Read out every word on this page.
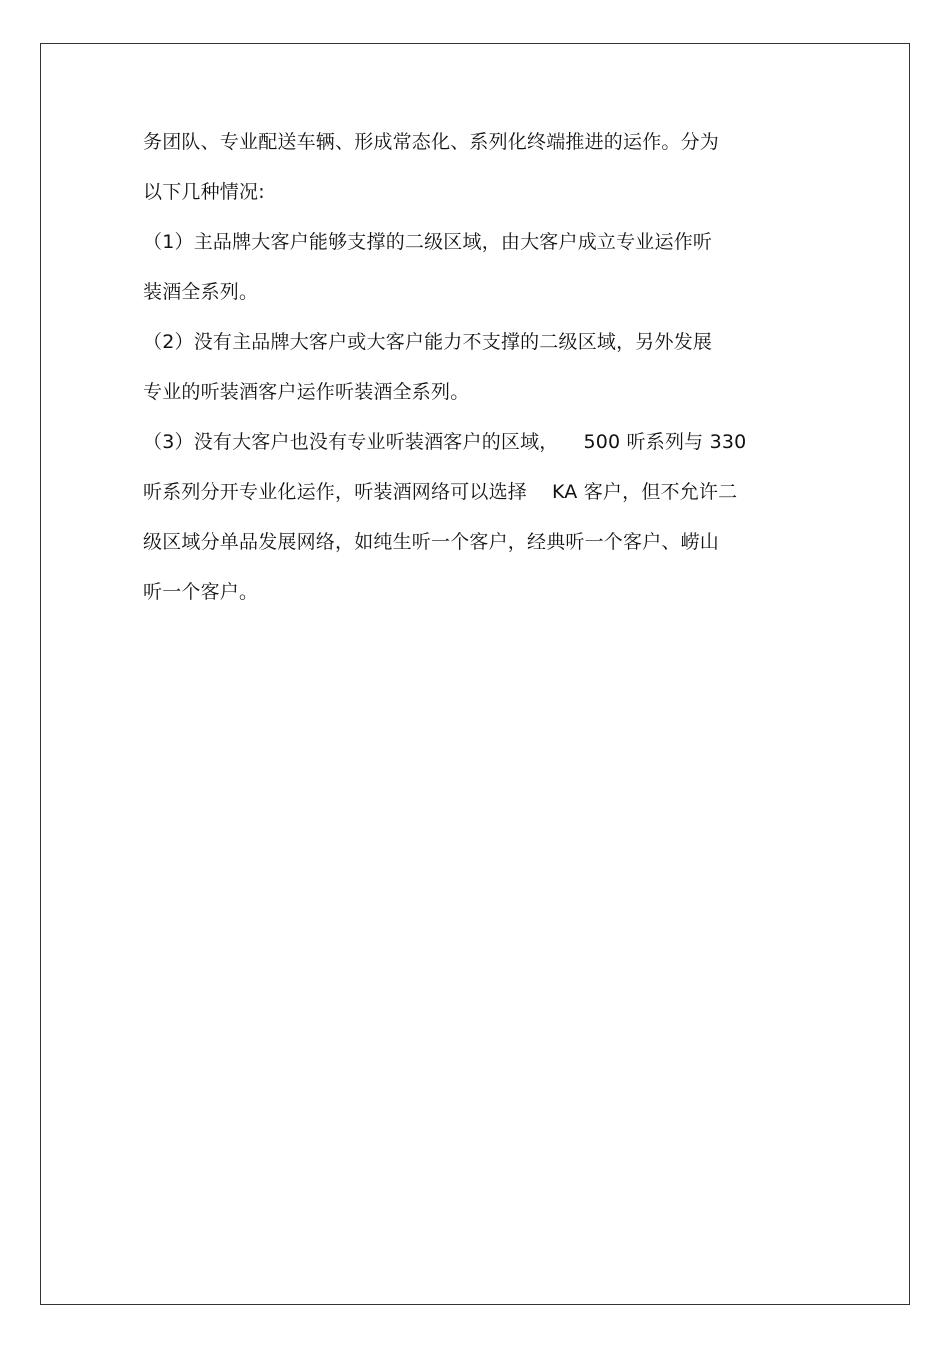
务团队、专业配送车辆、形成常态化、系列化终端推进的运作。分为
以下几种情况:
（1）主品牌大客户能够支撑的二级区域，由大客户成立专业运作听
装酒全系列。
（2）没有主品牌大客户或大客户能力不支撑的二级区域，另外发展
专业的听装酒客户运作听装酒全系列。
（3）没有大客户也没有专业听装酒客户的区域，    500 听系列与 330
听系列分开专业化运作，听装酒网络可以选择    KA 客户，但不允许二
级区域分单品发展网络，如纯生听一个客户，经典听一个客户、崂山
听一个客户。
